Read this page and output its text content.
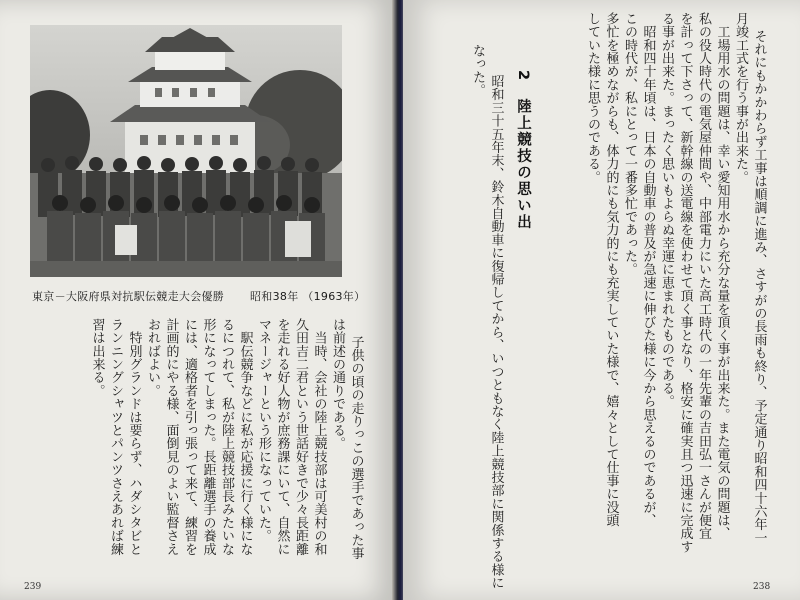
東京－大阪府県対抗駅伝競走大会優勝 昭和38年 （1963年）

子供の頃の走りっこの選手であった事
は前述の通りである。
　当時、会社の陸上競技部は可美村の和
久田吉二君という世話好きで少々長距離
を走れる好人物が庶務課にいて、自然に
マネージャーという形になっていた。
　駅伝競争などに私が応援に行く様にな
るにつれて、私が陸上競技部長みたいな
形になってしまった。長距離選手の養成
には、適格者を引っ張って来て、練習を
計画的にやる様、面倒見のよい監督さえ
おればよい。
　特別グランドは要らず、ハダシタビと
ランニングシャツとパンツさえあれば練
習は出来る。

239

それにもかかわらず工事は順調に進み、さすがの長雨も終り、予定通り昭和四十六年一
月竣工式を行う事が出来た。
　工場用水の問題は、幸い愛知用水から充分な量を頂く事が出来た。また電気の問題は、
私の役人時代の電気屋仲間や、中部電力にいた高工時代の一年先輩の吉田弘一さんが便宜
を計って下さって、新幹線の送電線を使わせて頂く事となり、格安に確実且つ迅速に完成す
る事が出来た。まったく思いもよらぬ幸運に恵まれたものである。
　昭和四十年頃は、日本の自動車の普及が急速に伸びた様に今から思えるのであるが、
この時代が、私にとって一番多忙であった。
多忙を極めながらも、体力的にも気力的にも充実していた様で、嬉々として仕事に没頭
していた様に思うのである。

2　陸上競技の思い出

　昭和三十五年末、鈴木自動車に復帰してから、いつともなく陸上競技部に関係する様に
なった。

238
